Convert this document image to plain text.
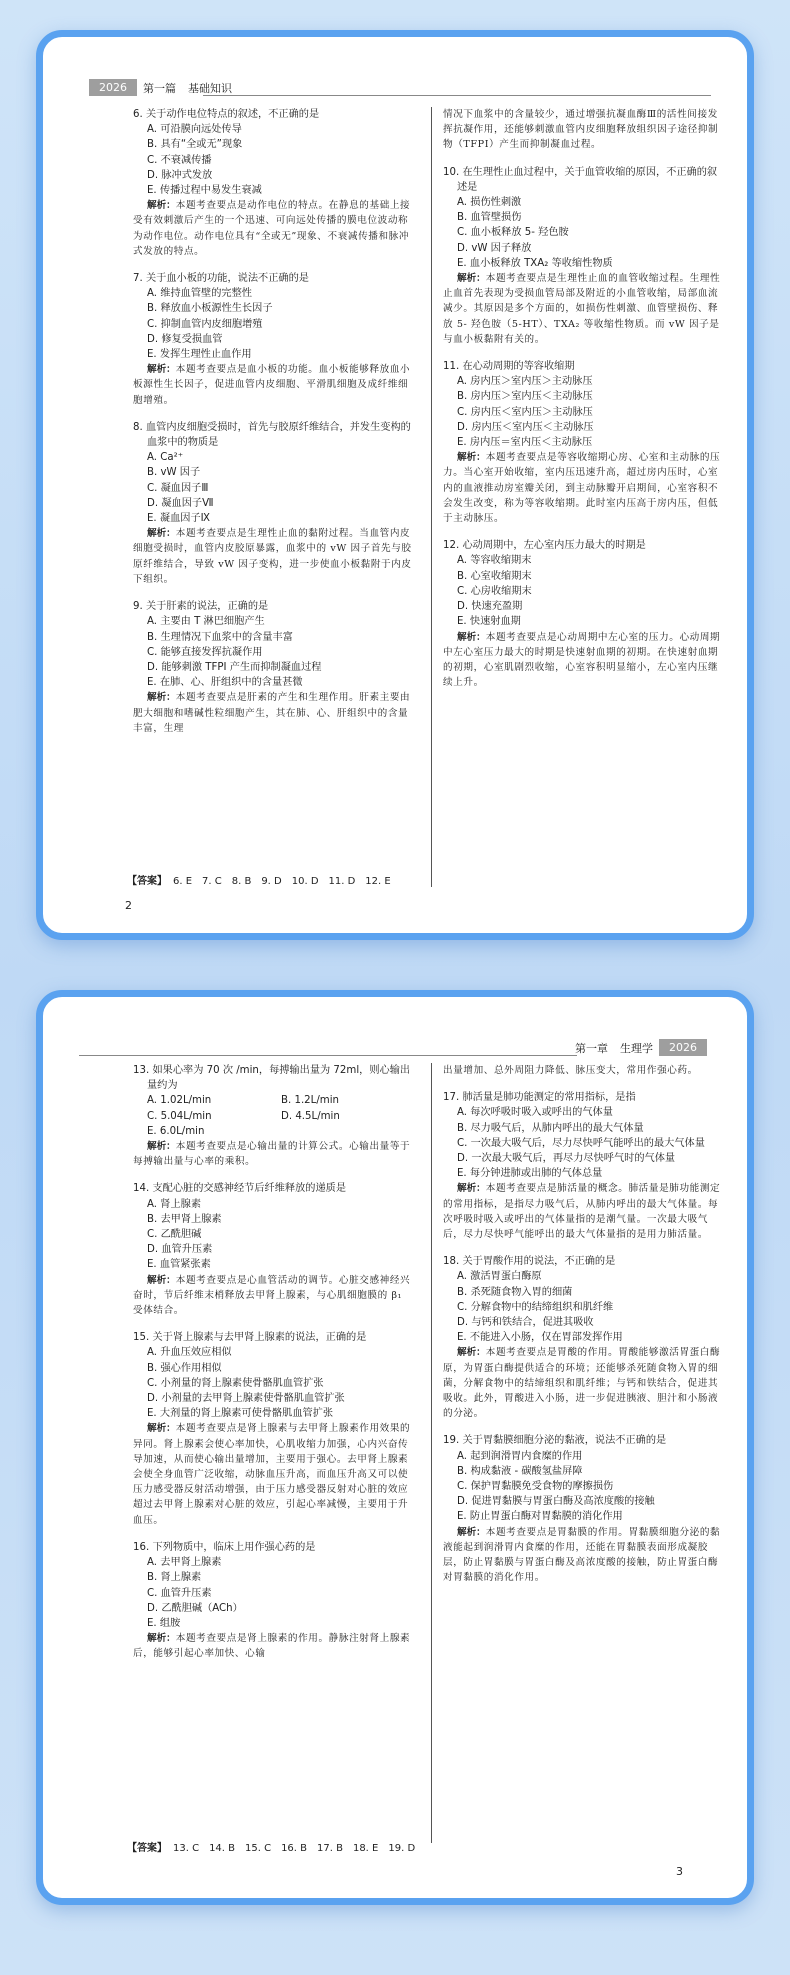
2026	第一篇 基础知识
6. 关于动作电位特点的叙述，不正确的是
A. 可沿膜向远处传导
B. 具有“全或无”现象
C. 不衰减传播
D. 脉冲式发放
E. 传播过程中易发生衰减
解析：本题考查要点是动作电位的特点。在静息的基础上接受有效刺激后产生的一个迅速、可向远处传播的膜电位波动称为动作电位。动作电位具有“全或无”现象、不衰减传播和脉冲式发放的特点。
7. 关于血小板的功能，说法不正确的是
A. 维持血管壁的完整性
B. 释放血小板源性生长因子
C. 抑制血管内皮细胞增殖
D. 修复受损血管
E. 发挥生理性止血作用
解析：本题考查要点是血小板的功能。血小板能够释放血小板源性生长因子，促进血管内皮细胞、平滑肌细胞及成纤维细胞增殖。
8. 血管内皮细胞受损时，首先与胶原纤维结合，并发生变构的血浆中的物质是
A. Ca²⁺
B. vW 因子
C. 凝血因子Ⅲ
D. 凝血因子Ⅶ
E. 凝血因子Ⅸ
解析：本题考查要点是生理性止血的黏附过程。当血管内皮细胞受损时，血管内皮胶原暴露，血浆中的 vW 因子首先与胶原纤维结合，导致 vW 因子变构，进一步使血小板黏附于内皮下组织。
9. 关于肝素的说法，正确的是
A. 主要由 T 淋巴细胞产生
B. 生理情况下血浆中的含量丰富
C. 能够直接发挥抗凝作用
D. 能够刺激 TFPI 产生而抑制凝血过程
E. 在肺、心、肝组织中的含量甚微
解析：本题考查要点是肝素的产生和生理作用。肝素主要由肥大细胞和嗜碱性粒细胞产生，其在肺、心、肝组织中的含量丰富，生理
情况下血浆中的含量较少，通过增强抗凝血酶Ⅲ的活性间接发挥抗凝作用，还能够刺激血管内皮细胞释放组织因子途径抑制物（TFPI）产生而抑制凝血过程。
10. 在生理性止血过程中，关于血管收缩的原因，不正确的叙述是
A. 损伤性刺激
B. 血管壁损伤
C. 血小板释放 5- 羟色胺
D. vW 因子释放
E. 血小板释放 TXA₂ 等收缩性物质
解析：本题考查要点是生理性止血的血管收缩过程。生理性止血首先表现为受损血管局部及附近的小血管收缩，局部血流减少。其原因是多个方面的，如损伤性刺激、血管壁损伤、释放 5- 羟色胺（5-HT）、TXA₂ 等收缩性物质。而 vW 因子是与血小板黏附有关的。
11. 在心动周期的等容收缩期
A. 房内压＞室内压＞主动脉压
B. 房内压＞室内压＜主动脉压
C. 房内压＜室内压＞主动脉压
D. 房内压＜室内压＜主动脉压
E. 房内压＝室内压＜主动脉压
解析：本题考查要点是等容收缩期心房、心室和主动脉的压力。当心室开始收缩，室内压迅速升高，超过房内压时，心室内的血液推动房室瓣关闭，到主动脉瓣开启期间，心室容积不会发生改变，称为等容收缩期。此时室内压高于房内压，但低于主动脉压。
12. 心动周期中，左心室内压力最大的时期是
A. 等容收缩期末
B. 心室收缩期末
C. 心房收缩期末
D. 快速充盈期
E. 快速射血期
解析：本题考查要点是心动周期中左心室的压力。心动周期中左心室压力最大的时期是快速射血期的初期。在快速射血期的初期，心室肌剧烈收缩，心室容积明显缩小，左心室内压继续上升。
【答案】 6. E　7. C　8. B　9. D　10. D　11. D　12. E
2
第一章 生理学	2026
13. 如果心率为 70 次 /min，每搏输出量为 72ml，则心输出量约为
A. 1.02L/min	B. 1.2L/min
C. 5.04L/min	D. 4.5L/min
E. 6.0L/min
解析：本题考查要点是心输出量的计算公式。心输出量等于每搏输出量与心率的乘积。
14. 支配心脏的交感神经节后纤维释放的递质是
A. 肾上腺素
B. 去甲肾上腺素
C. 乙酰胆碱
D. 血管升压素
E. 血管紧张素
解析：本题考查要点是心血管活动的调节。心脏交感神经兴奋时，节后纤维末梢释放去甲肾上腺素，与心肌细胞膜的 β₁ 受体结合。
15. 关于肾上腺素与去甲肾上腺素的说法，正确的是
A. 升血压效应相似
B. 强心作用相似
C. 小剂量的肾上腺素使骨骼肌血管扩张
D. 小剂量的去甲肾上腺素使骨骼肌血管扩张
E. 大剂量的肾上腺素可使骨骼肌血管扩张
解析：本题考查要点是肾上腺素与去甲肾上腺素作用效果的异同。肾上腺素会使心率加快，心肌收缩力加强，心内兴奋传导加速，从而使心输出量增加，主要用于强心。去甲肾上腺素会使全身血管广泛收缩，动脉血压升高，而血压升高又可以使压力感受器反射活动增强，由于压力感受器反射对心脏的效应超过去甲肾上腺素对心脏的效应，引起心率减慢，主要用于升血压。
16. 下列物质中，临床上用作强心药的是
A. 去甲肾上腺素
B. 肾上腺素
C. 血管升压素
D. 乙酰胆碱（ACh）
E. 组胺
解析：本题考查要点是肾上腺素的作用。静脉注射肾上腺素后，能够引起心率加快、心输
出量增加、总外周阻力降低、脉压变大，常用作强心药。
17. 肺活量是肺功能测定的常用指标，是指
A. 每次呼吸时吸入或呼出的气体量
B. 尽力吸气后，从肺内呼出的最大气体量
C. 一次最大吸气后，尽力尽快呼气能呼出的最大气体量
D. 一次最大吸气后，再尽力尽快呼气时的气体量
E. 每分钟进肺或出肺的气体总量
解析：本题考查要点是肺活量的概念。肺活量是肺功能测定的常用指标，是指尽力吸气后，从肺内呼出的最大气体量。每次呼吸时吸入或呼出的气体量指的是潮气量。一次最大吸气后，尽力尽快呼气能呼出的最大气体量指的是用力肺活量。
18. 关于胃酸作用的说法，不正确的是
A. 激活胃蛋白酶原
B. 杀死随食物入胃的细菌
C. 分解食物中的结缔组织和肌纤维
D. 与钙和铁结合，促进其吸收
E. 不能进入小肠，仅在胃部发挥作用
解析：本题考查要点是胃酸的作用。胃酸能够激活胃蛋白酶原，为胃蛋白酶提供适合的环境；还能够杀死随食物入胃的细菌，分解食物中的结缔组织和肌纤维；与钙和铁结合，促进其吸收。此外，胃酸进入小肠，进一步促进胰液、胆汁和小肠液的分泌。
19. 关于胃黏膜细胞分泌的黏液，说法不正确的是
A. 起到润滑胃内食糜的作用
B. 构成黏液 - 碳酸氢盐屏障
C. 保护胃黏膜免受食物的摩擦损伤
D. 促进胃黏膜与胃蛋白酶及高浓度酸的接触
E. 防止胃蛋白酶对胃黏膜的消化作用
解析：本题考查要点是胃黏膜的作用。胃黏膜细胞分泌的黏液能起到润滑胃内食糜的作用，还能在胃黏膜表面形成凝胶层，防止胃黏膜与胃蛋白酶及高浓度酸的接触，防止胃蛋白酶对胃黏膜的消化作用。
【答案】 13. C　14. B　15. C　16. B　17. B　18. E　19. D
3
